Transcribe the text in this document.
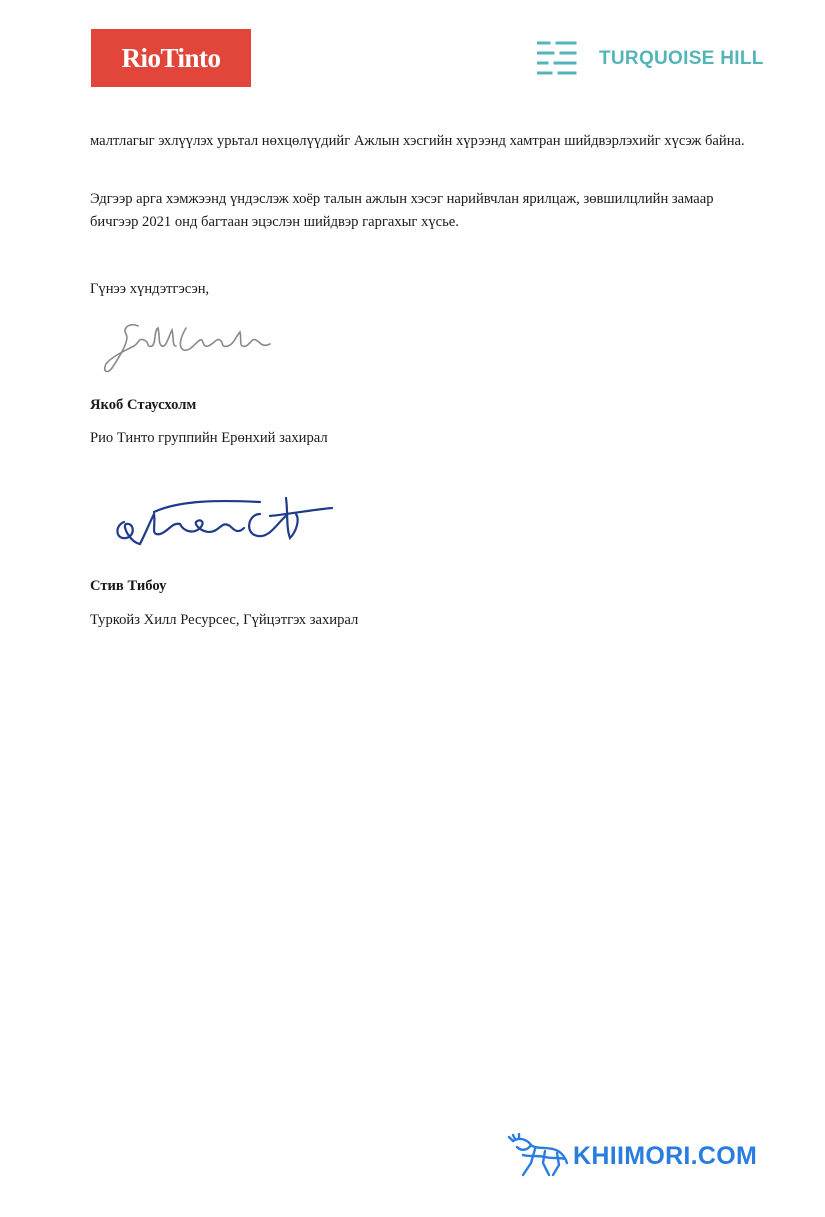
RioTinto	TURQUOISE HILL

малтлагыг эхлүүлэх урьтал нөхцөлүүдийг Ажлын хэсгийн хүрээнд хамтран шийдвэрлэхийг хүсэж байна.

Эдгээр арга хэмжээнд үндэслэж хоёр талын ажлын хэсэг нарийвчлан ярилцаж, зөвшилцлийн замаар бичгээр 2021 онд багтаан эцэслэн шийдвэр гаргахыг хүсье.

Гүнээ хүндэтгэсэн,

Якоб Стаусхолм

Рио Тинто группийн Ерөнхий захирал

Стив Тибоу

Туркойз Хилл Ресурсес, Гүйцэтгэх захирал

KHIIMORI.COM
